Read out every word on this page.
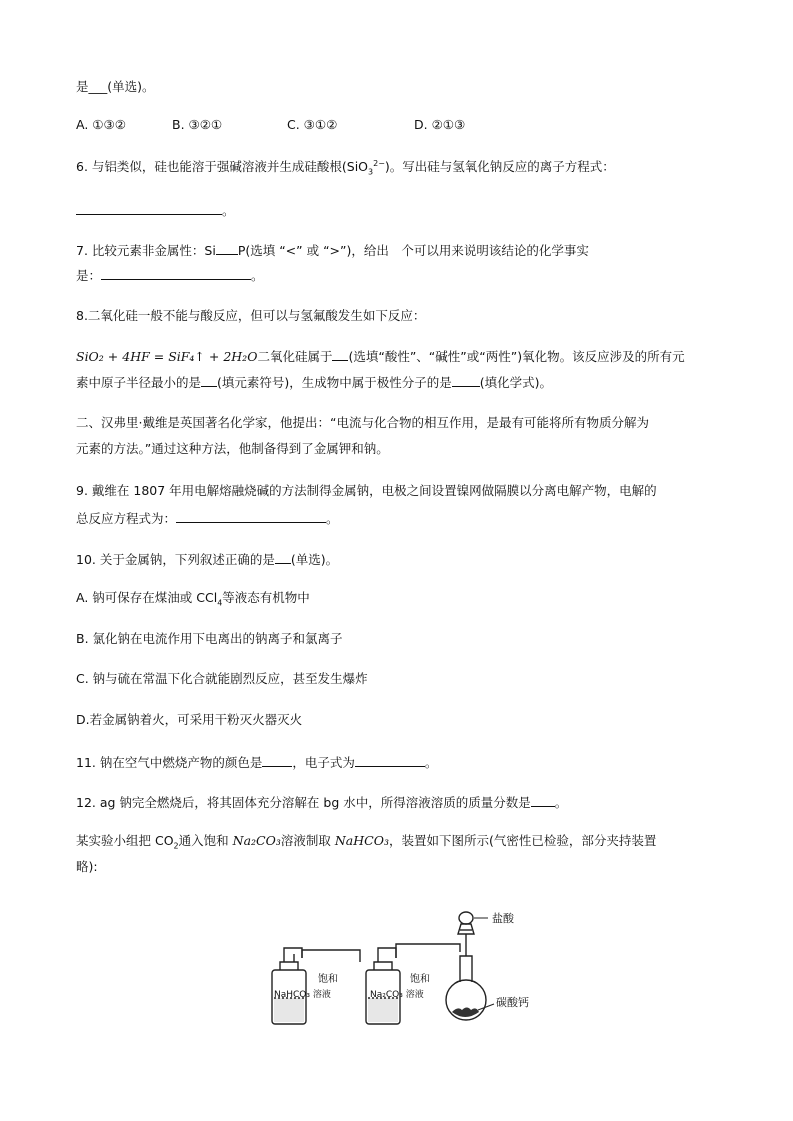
是___(单选)。
A. ①③②	B. ③②①	C. ③①②	D. ②①③
6. 与铝类似，硅也能溶于强碱溶液并生成硅酸根(SiO$_3^{2-}$)。写出硅与氢氧化钠反应的离子方程式：
。
7. 比较元素非金属性：Si P(选填 “<” 或 “>”)，给出　个可以用来说明该结论的化学事实
是：	。
8.二氧化硅一般不能与酸反应，但可以与氢氟酸发生如下反应：
SiO₂ + 4HF = SiF₄↑ + 2H₂O二氧化硅属于 (选填“酸性”、“碱性”或“两性”)氧化物。该反应涉及的所有元
素中原子半径最小的是 (填元素符号)，生成物中属于极性分子的是 (填化学式)。
二、汉弗里·戴维是英国著名化学家，他提出：“电流与化合物的相互作用，是最有可能将所有物质分解为
元素的方法。”通过这种方法，他制备得到了金属钾和钠。
9. 戴维在 1807 年用电解熔融烧碱的方法制得金属钠，电极之间设置镍网做隔膜以分离电解产物，电解的
总反应方程式为：	。
10. 关于金属钠，下列叙述正确的是 (单选)。
A. 钠可保存在煤油或 CCl$_4$等液态有机物中
B. 氯化钠在电流作用下电离出的钠离子和氯离子
C. 钠与硫在常温下化合就能剧烈反应，甚至发生爆炸
D.若金属钠着火，可采用干粉灭火器灭火
11. 钠在空气中燃烧产物的颜色是 ，电子式为	。
12. ag 钠完全燃烧后，将其固体充分溶解在 bg 水中，所得溶液溶质的质量分数是 。
某实验小组把 $CO_2$通入饱和 Na₂CO₃溶液制取 NaHCO₃，装置如下图所示(气密性已检验，部分夹持装置
略):
盐酸
饱和
NaHCO₃ 溶液
饱和
Na₂CO₃ 溶液
碳酸钙
